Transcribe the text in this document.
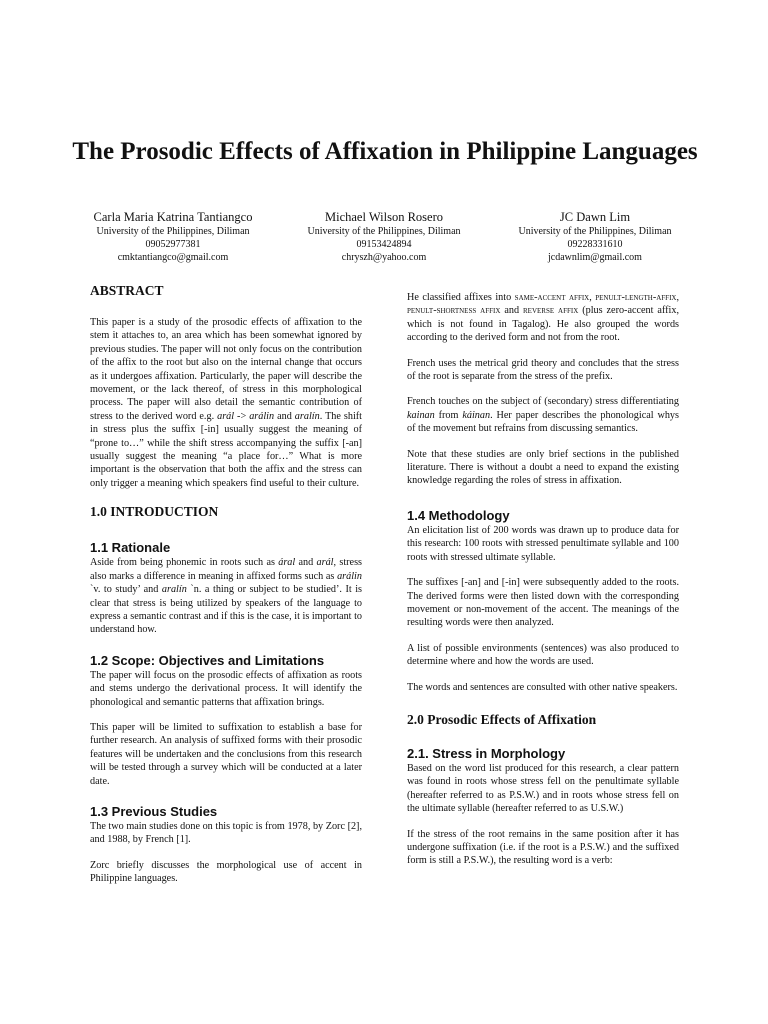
The Prosodic Effects of Affixation in Philippine Languages
Carla Maria Katrina Tantiangco
University of the Philippines, Diliman
09052977381
cmktantiangco@gmail.com
Michael Wilson Rosero
University of the Philippines, Diliman
09153424894
chryszh@yahoo.com
JC Dawn Lim
University of the Philippines, Diliman
09228331610
jcdawnlim@gmail.com
ABSTRACT

This paper is a study of the prosodic effects of affixation to the stem it attaches to, an area which has been somewhat ignored by previous studies. The paper will not only focus on the contribution of the affix to the root but also on the internal change that occurs as it undergoes affixation. Particularly, the paper will describe the movement, or the lack thereof, of stress in this morphological process. The paper will also detail the semantic contribution of stress to the derived word e.g. arál -> arálin and aralín. The shift in stress plus the suffix [-in] usually suggest the meaning of “prone to…” while the shift stress accompanying the suffix [-an] usually suggest the meaning “a place for…” What is more important is the observation that both the affix and the stress can only trigger a meaning which speakers find useful to their culture.

1.0 INTRODUCTION
1.1 Rationale

Aside from being phonemic in roots such as áral and arál, stress also marks a difference in meaning in affixed forms such as arálin `v. to study’ and aralín `n. a thing or subject to be studied’. It is clear that stress is being utilized by speakers of the language to express a semantic contrast and if this is the case, it is important to understand how.

1.2 Scope: Objectives and Limitations

The paper will focus on the prosodic effects of affixation as roots and stems undergo the derivational process. It will identify the phonological and semantic patterns that affixation brings.

This paper will be limited to suffixation to establish a base for further research. An analysis of suffixed forms with their prosodic features will be undertaken and the conclusions from this research will be tested through a survey which will be conducted at a later date.

1.3 Previous Studies

The two main studies done on this topic is from 1978, by Zorc [2], and 1988, by French [1].

Zorc briefly discusses the morphological use of accent in Philippine languages.

He classified affixes into same-accent affix, penult-length-affix, penult-shortness affix and reverse affix (plus zero-accent affix, which is not found in Tagalog). He also grouped the words according to the derived form and not from the root.

French uses the metrical grid theory and concludes that the stress of the root is separate from the stress of the prefix.

French touches on the subject of (secondary) stress differentiating kainan from káinan. Her paper describes the phonological whys of the movement but refrains from discussing semantics.

Note that these studies are only brief sections in the published literature. There is without a doubt a need to expand the existing knowledge regarding the roles of stress in affixation.

1.4 Methodology

An elicitation list of 200 words was drawn up to produce data for this research: 100 roots with stressed penultimate syllable and 100 roots with stressed ultimate syllable.

The suffixes [-an] and [-in] were subsequently added to the roots. The derived forms were then listed down with the corresponding movement or non-movement of the accent. The meanings of the resulting words were then analyzed.

A list of possible environments (sentences) was also produced to determine where and how the words are used.

The words and sentences are consulted with other native speakers.

2.0 Prosodic Effects of Affixation
2.1. Stress in Morphology

Based on the word list produced for this research, a clear pattern was found in roots whose stress fell on the penultimate syllable (hereafter referred to as P.S.W.) and in roots whose stress fell on the ultimate syllable (hereafter referred to as U.S.W.)

If the stress of the root remains in the same position after it has undergone suffixation (i.e. if the root is a P.S.W.) and the suffixed form is still a P.S.W.), the resulting word is a verb:
